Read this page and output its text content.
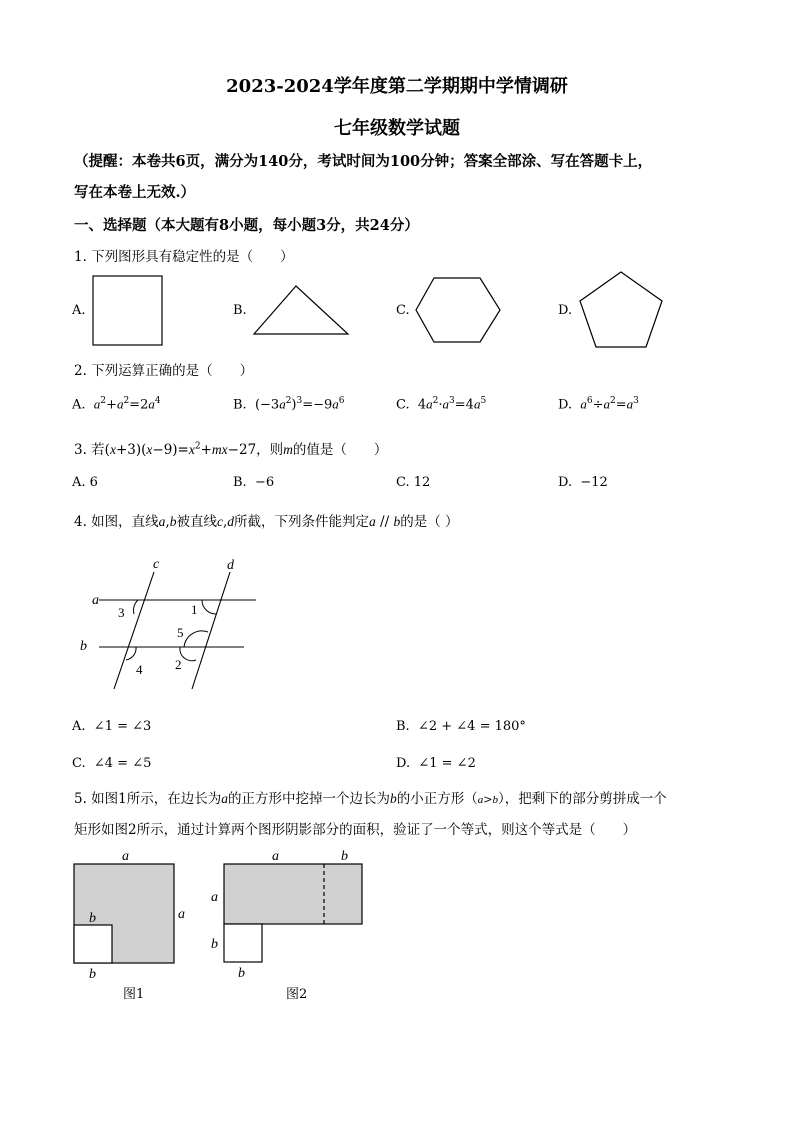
2023-2024学年度第二学期期中学情调研
七年级数学试题
（提醒：本卷共6页，满分为140分，考试时间为100分钟；答案全部涂、写在答题卡上，
写在本卷上无效.）
一、选择题（本大题有8小题，每小题3分，共24分）
1. 下列图形具有稳定性的是（　　）
A.	B.	C.	D.
2. 下列运算正确的是（　　）
A. $a^2+a^2=2a^4$	B.  $(-3a^2)^3=-9a^6$	C.  $4a^2\cdot a^3=4a^5$	D. $a^6\div a^2=a^3$
3. 若$(x+3)(x-9)=x^2+mx-27$，则m的值是（　　）
A. 6	B. −6	C. 12	D. −12
4. 如图，直线a,b被直线c,d所截，下列条件能判定a // b的是（ ）
a
b
c	d
3	1
5
2
4
A. ∠1 = ∠3	B. ∠2 + ∠4 = 180°
C. ∠4 = ∠5	D. ∠1 = ∠2
5. 如图1所示，在边长为a的正方形中挖掉一个边长为b的小正方形（a>b），把剩下的部分剪拼成一个
矩形如图2所示，通过计算两个图形阴影部分的面积，验证了一个等式，则这个等式是（　　）
a
a
b
b
图1
a	b
a
b
b
图2
